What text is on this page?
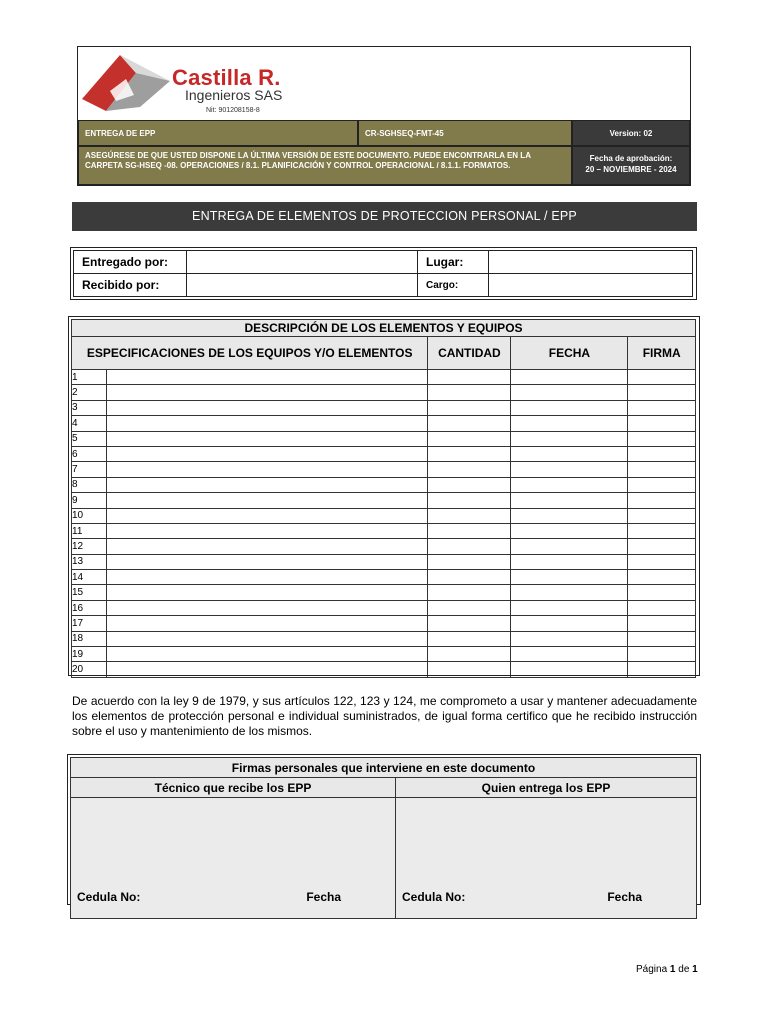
Castilla R.
Ingenieros SAS
Nit: 901208158-8
ENTREGA DE EPP	CR-SGHSEQ-FMT-45	Version: 02
ASEGÚRESE DE QUE USTED DISPONE LA ÚLTIMA VERSIÓN DE ESTE DOCUMENTO. PUEDE ENCONTRARLA EN LA CARPETA SG-HSEQ -08. OPERACIONES / 8.1. PLANIFICACIÓN Y CONTROL OPERACIONAL / 8.1.1. FORMATOS.
Fecha de aprobación:
20 – NOVIEMBRE - 2024
ENTREGA DE ELEMENTOS DE PROTECCION PERSONAL / EPP
Entregado por:		Lugar:	
Recibido por:		Cargo:	
DESCRIPCIÓN DE LOS ELEMENTOS Y EQUIPOS				
ESPECIFICACIONES DE LOS EQUIPOS Y/O ELEMENTOS		CANTIDAD	FECHA	FIRMA
1				
2				
3				
4				
5				
6				
7				
8				
9				
10				
11				
12				
13				
14				
15				
16				
17				
18				
19				
20				
De acuerdo con la ley 9 de 1979, y sus artículos 122, 123 y 124, me comprometo a usar y mantener adecuadamente los elementos de protección personal e individual suministrados, de igual forma certifico que he recibido instrucción sobre el uso y mantenimiento de los mismos.
Firmas personales que interviene en este documento	
Técnico que recibe los EPP	Quien entrega los EPP

Cedula No: Fecha	Cedula No: Fecha
Página 1 de 1
